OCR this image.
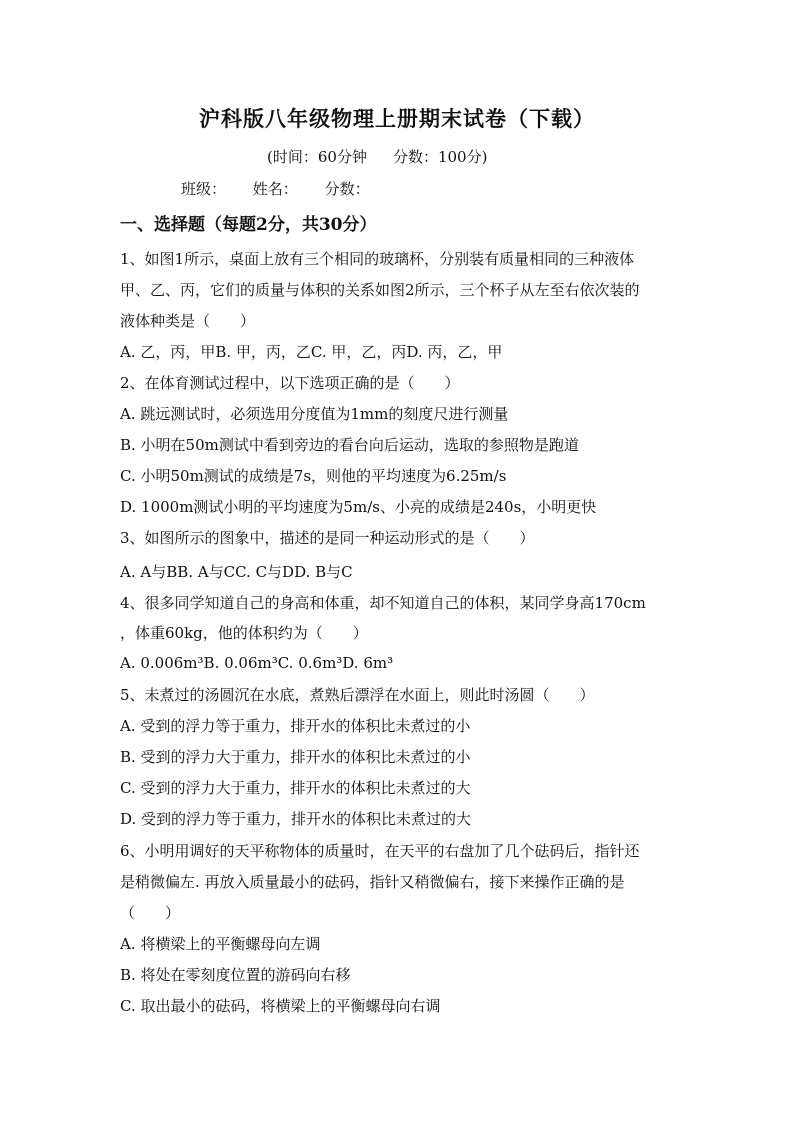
沪科版八年级物理上册期末试卷（下载）
(时间：60分钟 分数：100分)
班级： 姓名： 分数：
一、选择题（每题2分，共30分）
1、如图1所示，桌面上放有三个相同的玻璃杯，分别装有质量相同的三种液体
甲、乙、丙，它们的质量与体积的关系如图2所示，三个杯子从左至右依次装的
液体种类是（　　）
A. 乙，丙，甲B. 甲，丙，乙C. 甲，乙，丙D. 丙，乙，甲
2、在体育测试过程中，以下选项正确的是（　　）
A. 跳远测试时，必须选用分度值为1mm的刻度尺进行测量
B. 小明在50m测试中看到旁边的看台向后运动，选取的参照物是跑道
C. 小明50m测试的成绩是7s，则他的平均速度为6.25m/s
D. 1000m测试小明的平均速度为5m/s、小亮的成绩是240s，小明更快
3、如图所示的图象中，描述的是同一种运动形式的是（　　）
A. A与BB. A与CC. C与DD. B与C
4、很多同学知道自己的身高和体重，却不知道自己的体积，某同学身高170cm
，体重60kg，他的体积约为（　　）
A. 0.006m³B. 0.06m³C. 0.6m³D. 6m³
5、未煮过的汤圆沉在水底，煮熟后漂浮在水面上，则此时汤圆（　　）
A. 受到的浮力等于重力，排开水的体积比未煮过的小
B. 受到的浮力大于重力，排开水的体积比未煮过的小
C. 受到的浮力大于重力，排开水的体积比未煮过的大
D. 受到的浮力等于重力，排开水的体积比未煮过的大
6、小明用调好的天平称物体的质量时，在天平的右盘加了几个砝码后，指针还
是稍微偏左. 再放入质量最小的砝码，指针又稍微偏右，接下来操作正确的是
（　　）
A. 将横梁上的平衡螺母向左调
B. 将处在零刻度位置的游码向右移
C. 取出最小的砝码，将横梁上的平衡螺母向右调
